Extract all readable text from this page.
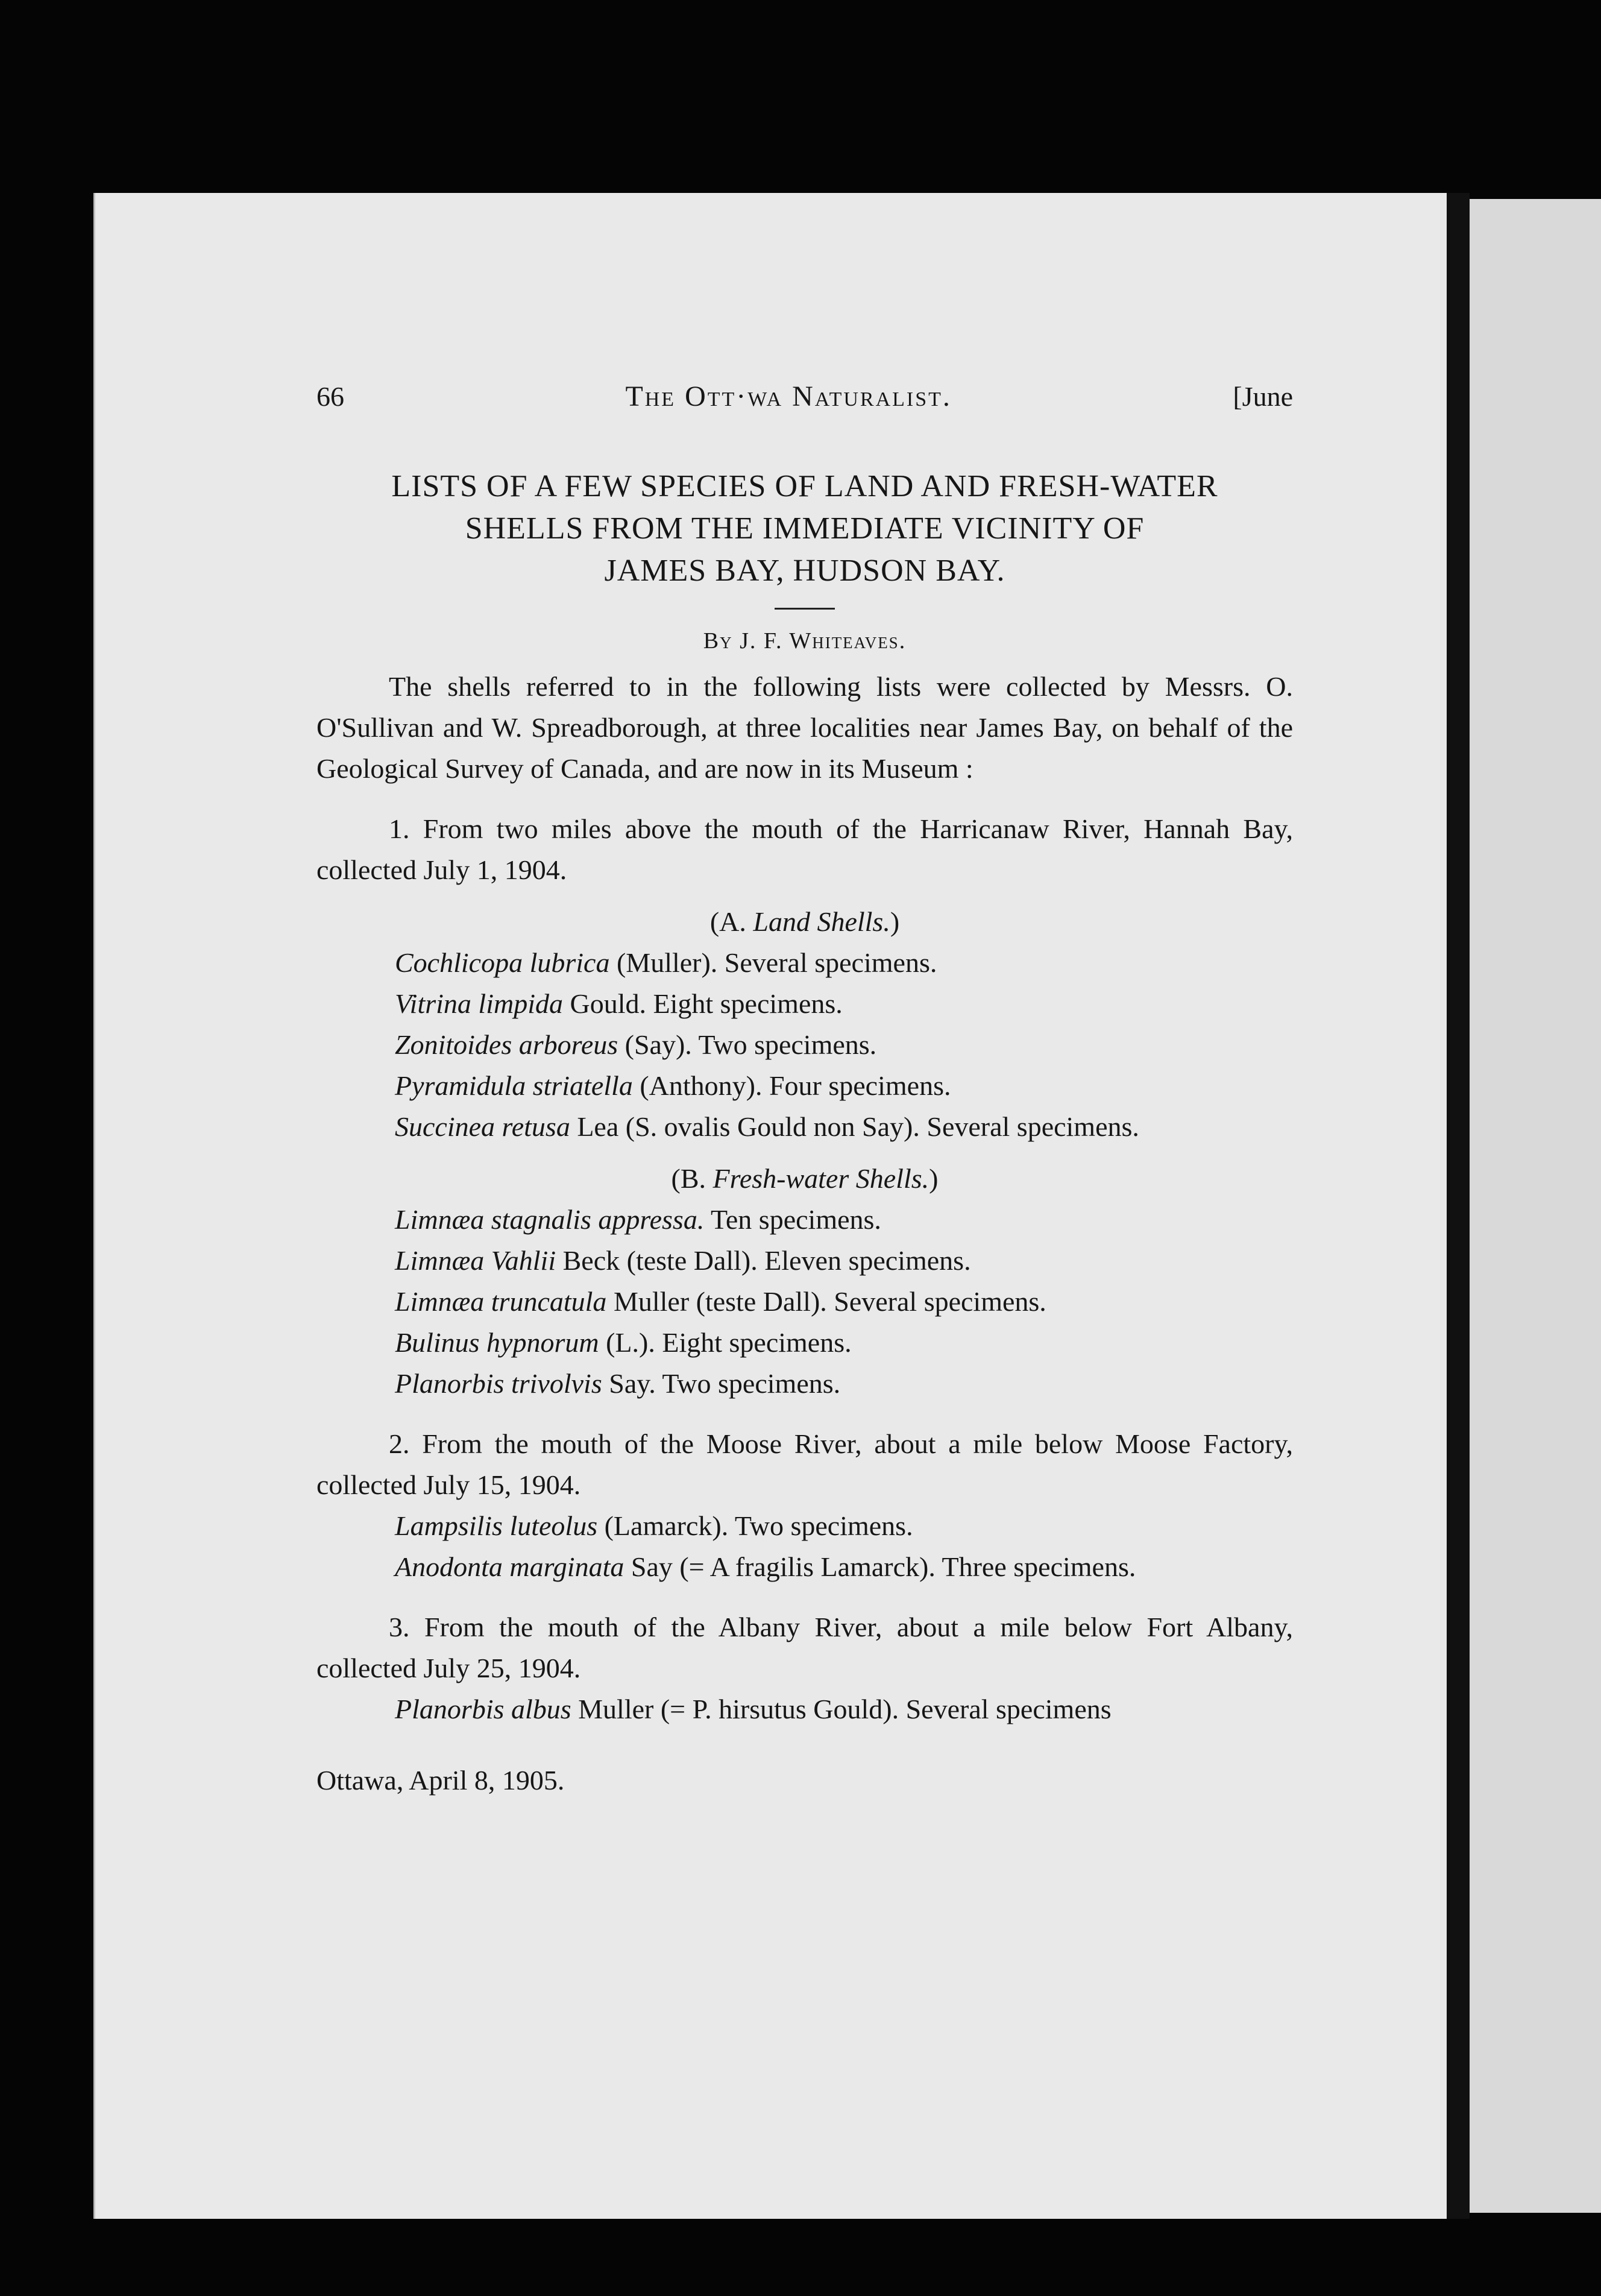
66	The Ott·wa Naturalist.	[June
LISTS OF A FEW SPECIES OF LAND AND FRESH-WATER
SHELLS FROM THE IMMEDIATE VICINITY OF
JAMES BAY, HUDSON BAY.
By J. F. Whiteaves.

The shells referred to in the following lists were collected by Messrs. O. O'Sullivan and W. Spreadborough, at three localities near James Bay, on behalf of the Geological Survey of Canada, and are now in its Museum :

1. From two miles above the mouth of the Harricanaw River, Hannah Bay, collected July 1, 1904.

(A. Land Shells.)
Cochlicopa lubrica (Muller). Several specimens.
Vitrina limpida Gould. Eight specimens.
Zonitoides arboreus (Say). Two specimens.
Pyramidula striatella (Anthony). Four specimens.

Succinea retusa Lea (S. ovalis Gould non Say). Several specimens.

(B. Fresh-water Shells.)
Limnæa stagnalis appressa. Ten specimens.
Limnæa Vahlii Beck (teste Dall). Eleven specimens.
Limnæa truncatula Muller (teste Dall). Several specimens.
Bulinus hypnorum (L.). Eight specimens.
Planorbis trivolvis Say. Two specimens.

2. From the mouth of the Moose River, about a mile below Moose Factory, collected July 15, 1904.

Lampsilis luteolus (Lamarck). Two specimens.

Anodonta marginata Say (= A fragilis Lamarck). Three specimens.

3. From the mouth of the Albany River, about a mile below Fort Albany, collected July 25, 1904.

Planorbis albus Muller (= P. hirsutus Gould). Several specimens

Ottawa, April 8, 1905.
